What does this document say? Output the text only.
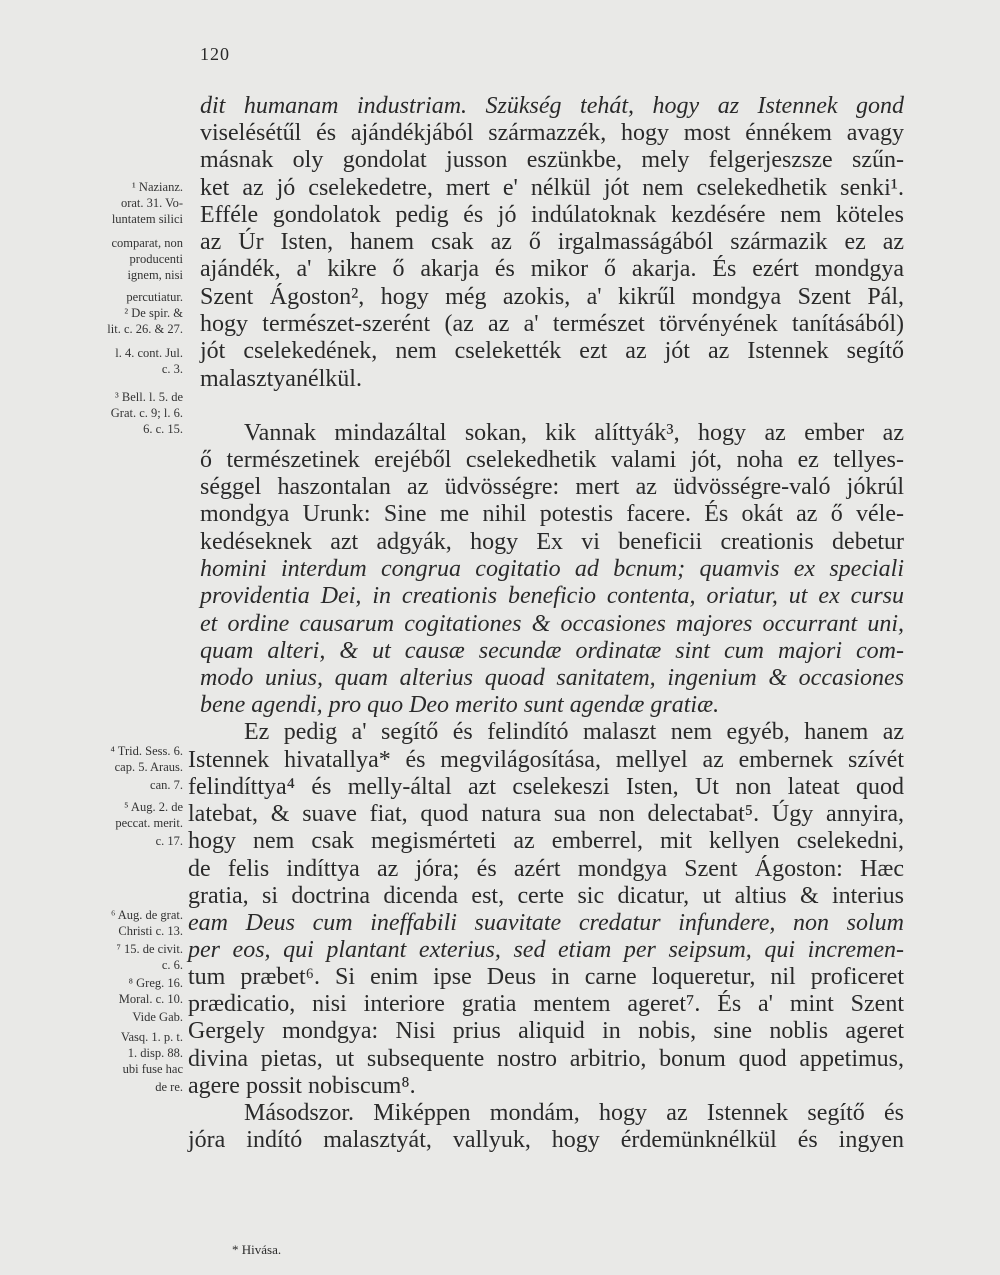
120
dit humanam industriam. Szükség tehát, hogy az Istennek gond
viselésétűl és ajándékjából származzék, hogy most énnékem avagy
másnak oly gondolat jusson eszünkbe, mely felgerjeszsze szűn-
ket az jó cselekedetre, mert e' nélkül jót nem cselekedhetik senki¹.
Efféle gondolatok pedig és jó indúlatoknak kezdésére nem köteles
az Úr Isten, hanem csak az ő irgalmasságából származik ez az
ajándék, a' kikre ő akarja és mikor ő akarja. És ezért mondgya
Szent Ágoston², hogy még azokis, a' kikrűl mondgya Szent Pál,
hogy természet-szerént (az az a' természet törvényének tanításából)
jót cselekedének, nem cselekették ezt az jót az Istennek segítő
malasztyanélkül.
Vannak mindazáltal sokan, kik alíttyák³, hogy az ember az
ő természetinek erejéből cselekedhetik valami jót, noha ez tellyes-
séggel haszontalan az üdvösségre: mert az üdvösségre-való jókrúl
mondgya Urunk: Sine me nihil potestis facere. És okát az ő véle-
kedéseknek azt adgyák, hogy Ex vi beneficii creationis debetur
homini interdum congrua cogitatio ad bcnum; quamvis ex speciali
providentia Dei, in creationis beneficio contenta, oriatur, ut ex cursu
et ordine causarum cogitationes & occasiones majores occurrant uni,
quam alteri, & ut causæ secundæ ordinatæ sint cum majori com-
modo unius, quam alterius quoad sanitatem, ingenium & occasiones
bene agendi, pro quo Deo merito sunt agendæ gratiæ.
Ez pedig a' segítő és felindító malaszt nem egyéb, hanem az
Istennek hivatallya* és megvilágosítása, mellyel az embernek szívét
felindíttya⁴ és melly-által azt cselekeszi Isten, Ut non lateat quod
latebat, & suave fiat, quod natura sua non delectabat⁵. Úgy annyira,
hogy nem csak megismérteti az emberrel, mit kellyen cselekedni,
de felis indíttya az jóra; és azért mondgya Szent Ágoston: Hæc
gratia, si doctrina dicenda est, certe sic dicatur, ut altius & interius
eam Deus cum ineffabili suavitate credatur infundere, non solum
per eos, qui plantant exterius, sed etiam per seipsum, qui incremen-
tum præbet⁶. Si enim ipse Deus in carne loqueretur, nil proficeret
prædicatio, nisi interiore gratia mentem ageret⁷. És a' mint Szent
Gergely mondgya: Nisi prius aliquid in nobis, sine noblis ageret
divina pietas, ut subsequente nostro arbitrio, bonum quod appetimus,
agere possit nobiscum⁸.
Másodszor. Miképpen mondám, hogy az Istennek segítő és
jóra indító malasztyát, vallyuk, hogy érdemünknélkül és ingyen
¹ Nazianz.
orat. 31. Vo-
luntatem silici
comparat, non
producenti
ignem, nisi
percutiatur.
² De spir. &
lit. c. 26. & 27.
l. 4. cont. Jul.
c. 3.
³ Bell. l. 5. de
Grat. c. 9; l. 6.
6. c. 15.
⁴ Trid. Sess. 6.
cap. 5. Araus.
can. 7.
⁵ Aug. 2. de
peccat. merit.
c. 17.
⁶ Aug. de grat.
Christi c. 13.
⁷ 15. de civit.
c. 6.
⁸ Greg. 16.
Moral. c. 10.
Vide Gab.
Vasq. 1. p. t.
1. disp. 88.
ubi fuse hac
de re.
* Hivása.
